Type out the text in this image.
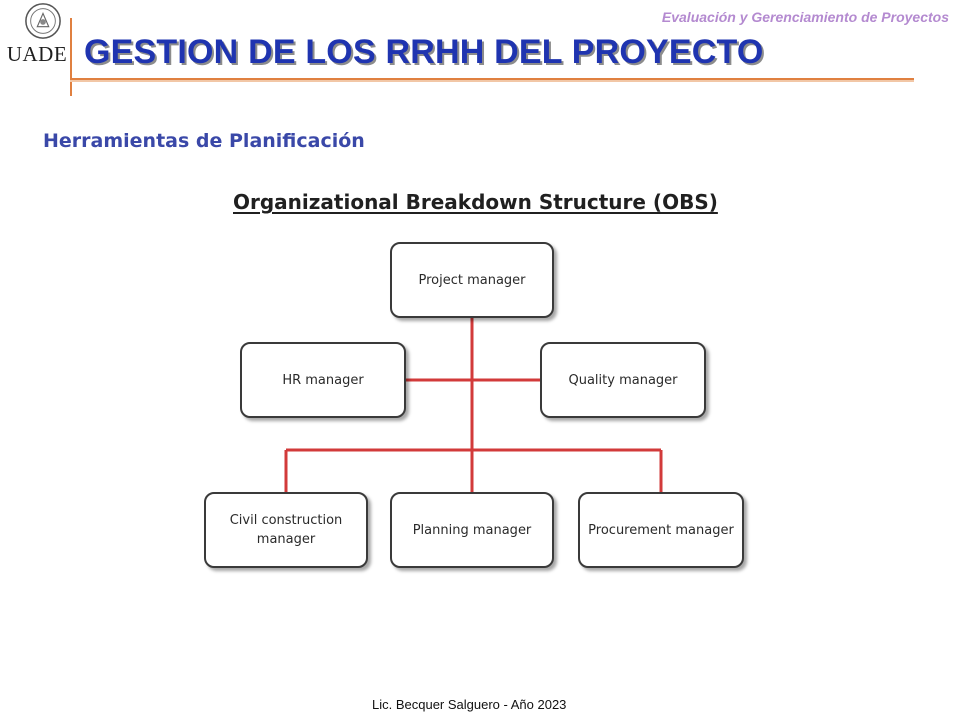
Evaluación y Gerenciamiento de Proyectos
UADE GESTION DE LOS RRHH DEL PROYECTO
Herramientas de Planificación
Organizational Breakdown Structure (OBS)
Project manager
HR manager	Quality manager
Civil construction manager
Planning manager	Procurement manager
Lic. Becquer Salguero - Año 2023
